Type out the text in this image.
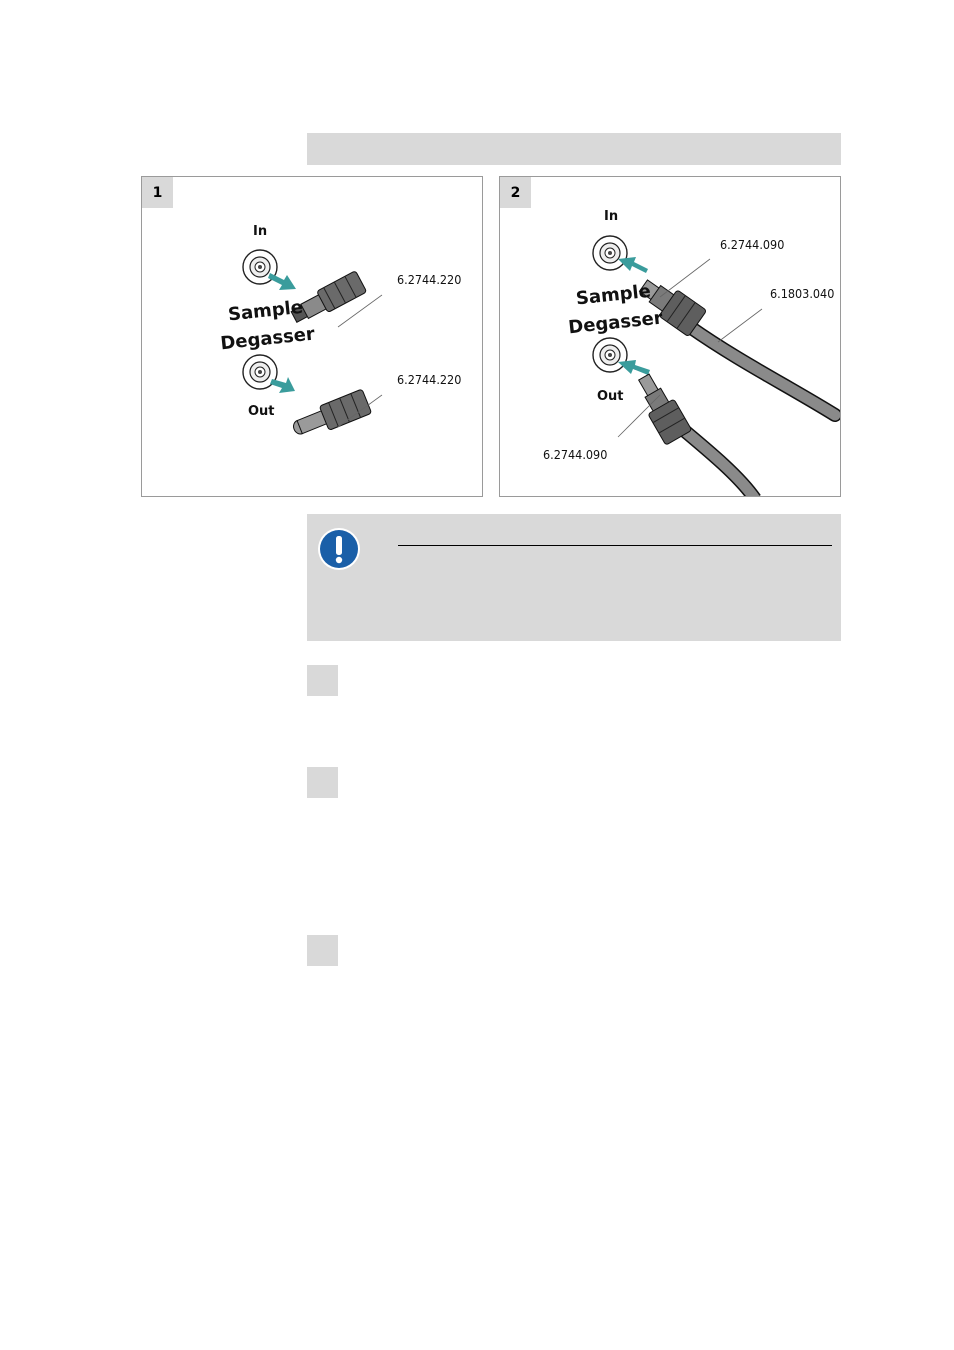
1
In
Out
Sample
Degasser
6.2744.220
6.2744.220
2
In
Out
Sample
Degasser
6.2744.090
6.1803.040
6.2744.090
